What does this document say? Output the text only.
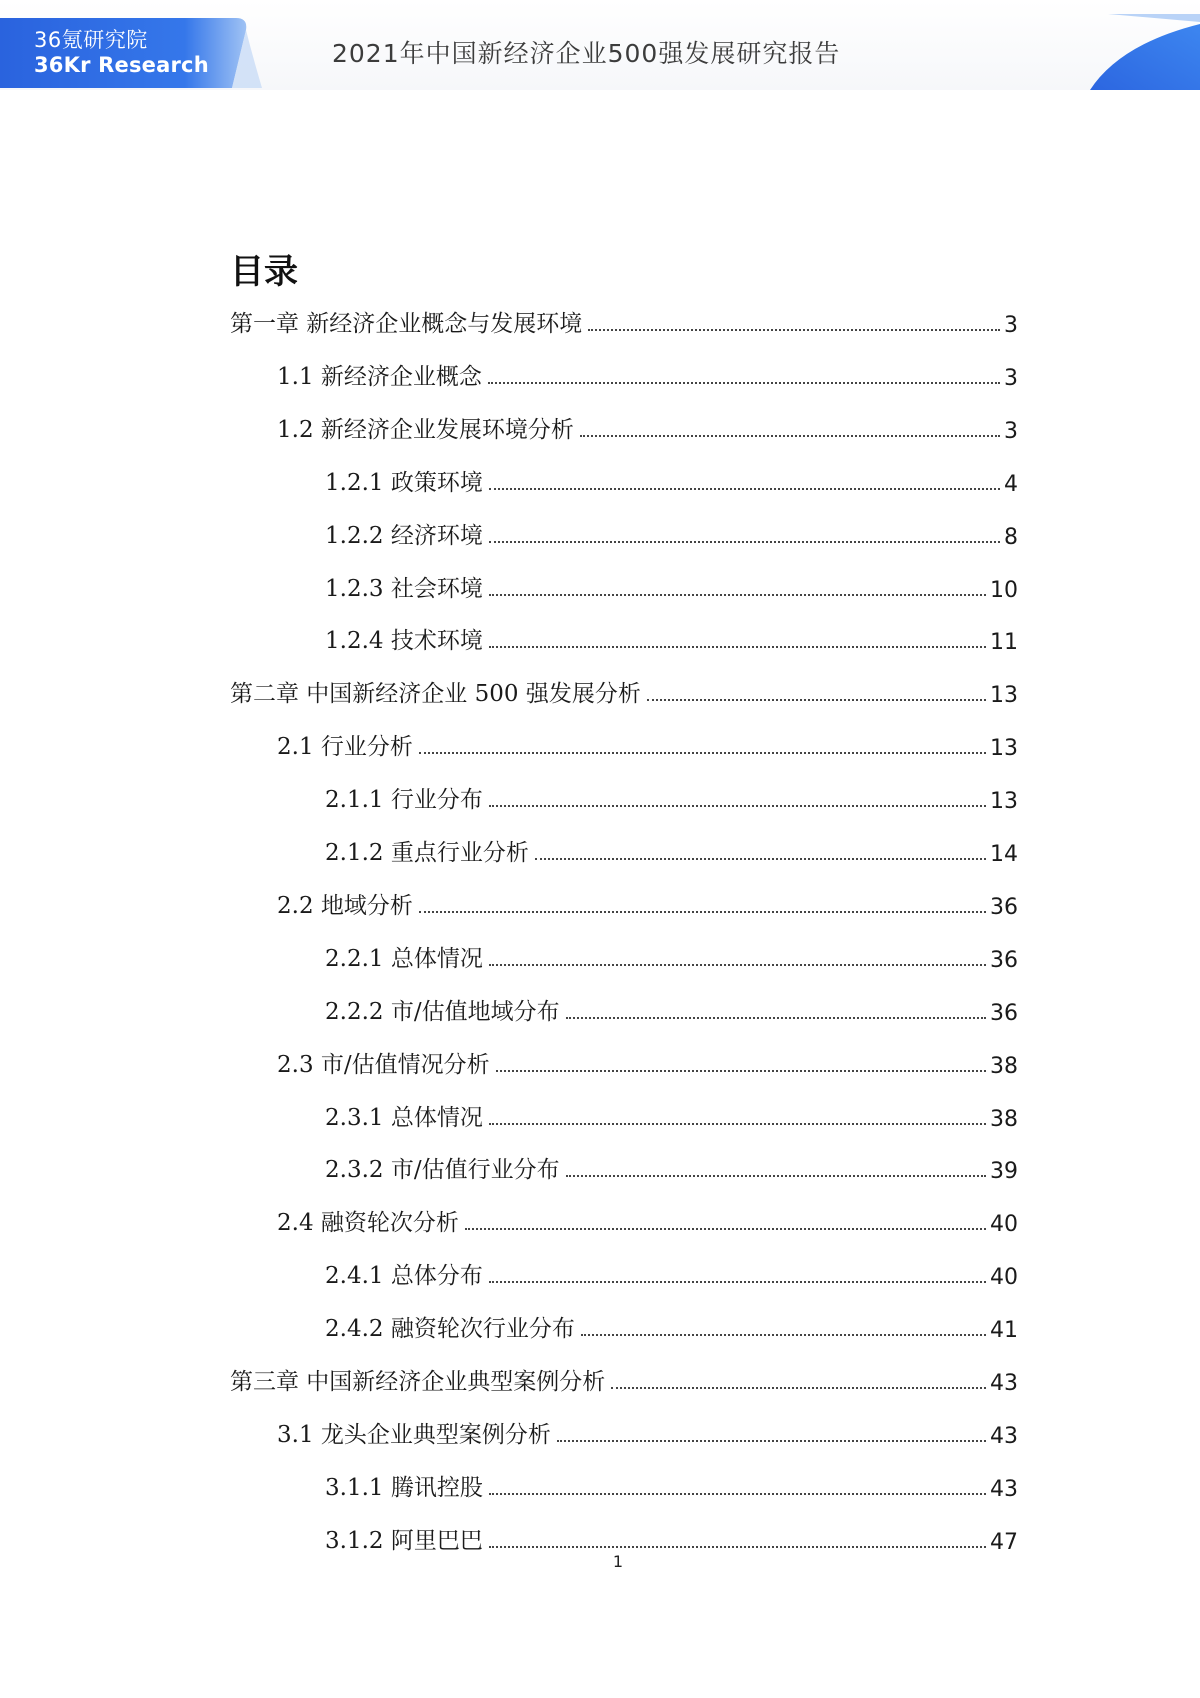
36氪研究院
36Kr Research	2021年中国新经济企业500强发展研究报告
目录
第一章 新经济企业概念与发展环境	3
1.1 新经济企业概念	3
1.2 新经济企业发展环境分析	3
1.2.1 政策环境	4
1.2.2 经济环境	8
1.2.3 社会环境	10
1.2.4 技术环境	11
第二章 中国新经济企业 500 强发展分析	13
2.1 行业分析	13
2.1.1 行业分布	13
2.1.2 重点行业分析	14
2.2 地域分析	36
2.2.1 总体情况	36
2.2.2 市/估值地域分布	36
2.3 市/估值情况分析	38
2.3.1 总体情况	38
2.3.2 市/估值行业分布	39
2.4 融资轮次分析	40
2.4.1 总体分布	40
2.4.2 融资轮次行业分布	41
第三章 中国新经济企业典型案例分析	43
3.1 龙头企业典型案例分析	43
3.1.1 腾讯控股	43
3.1.2 阿里巴巴	47
1
